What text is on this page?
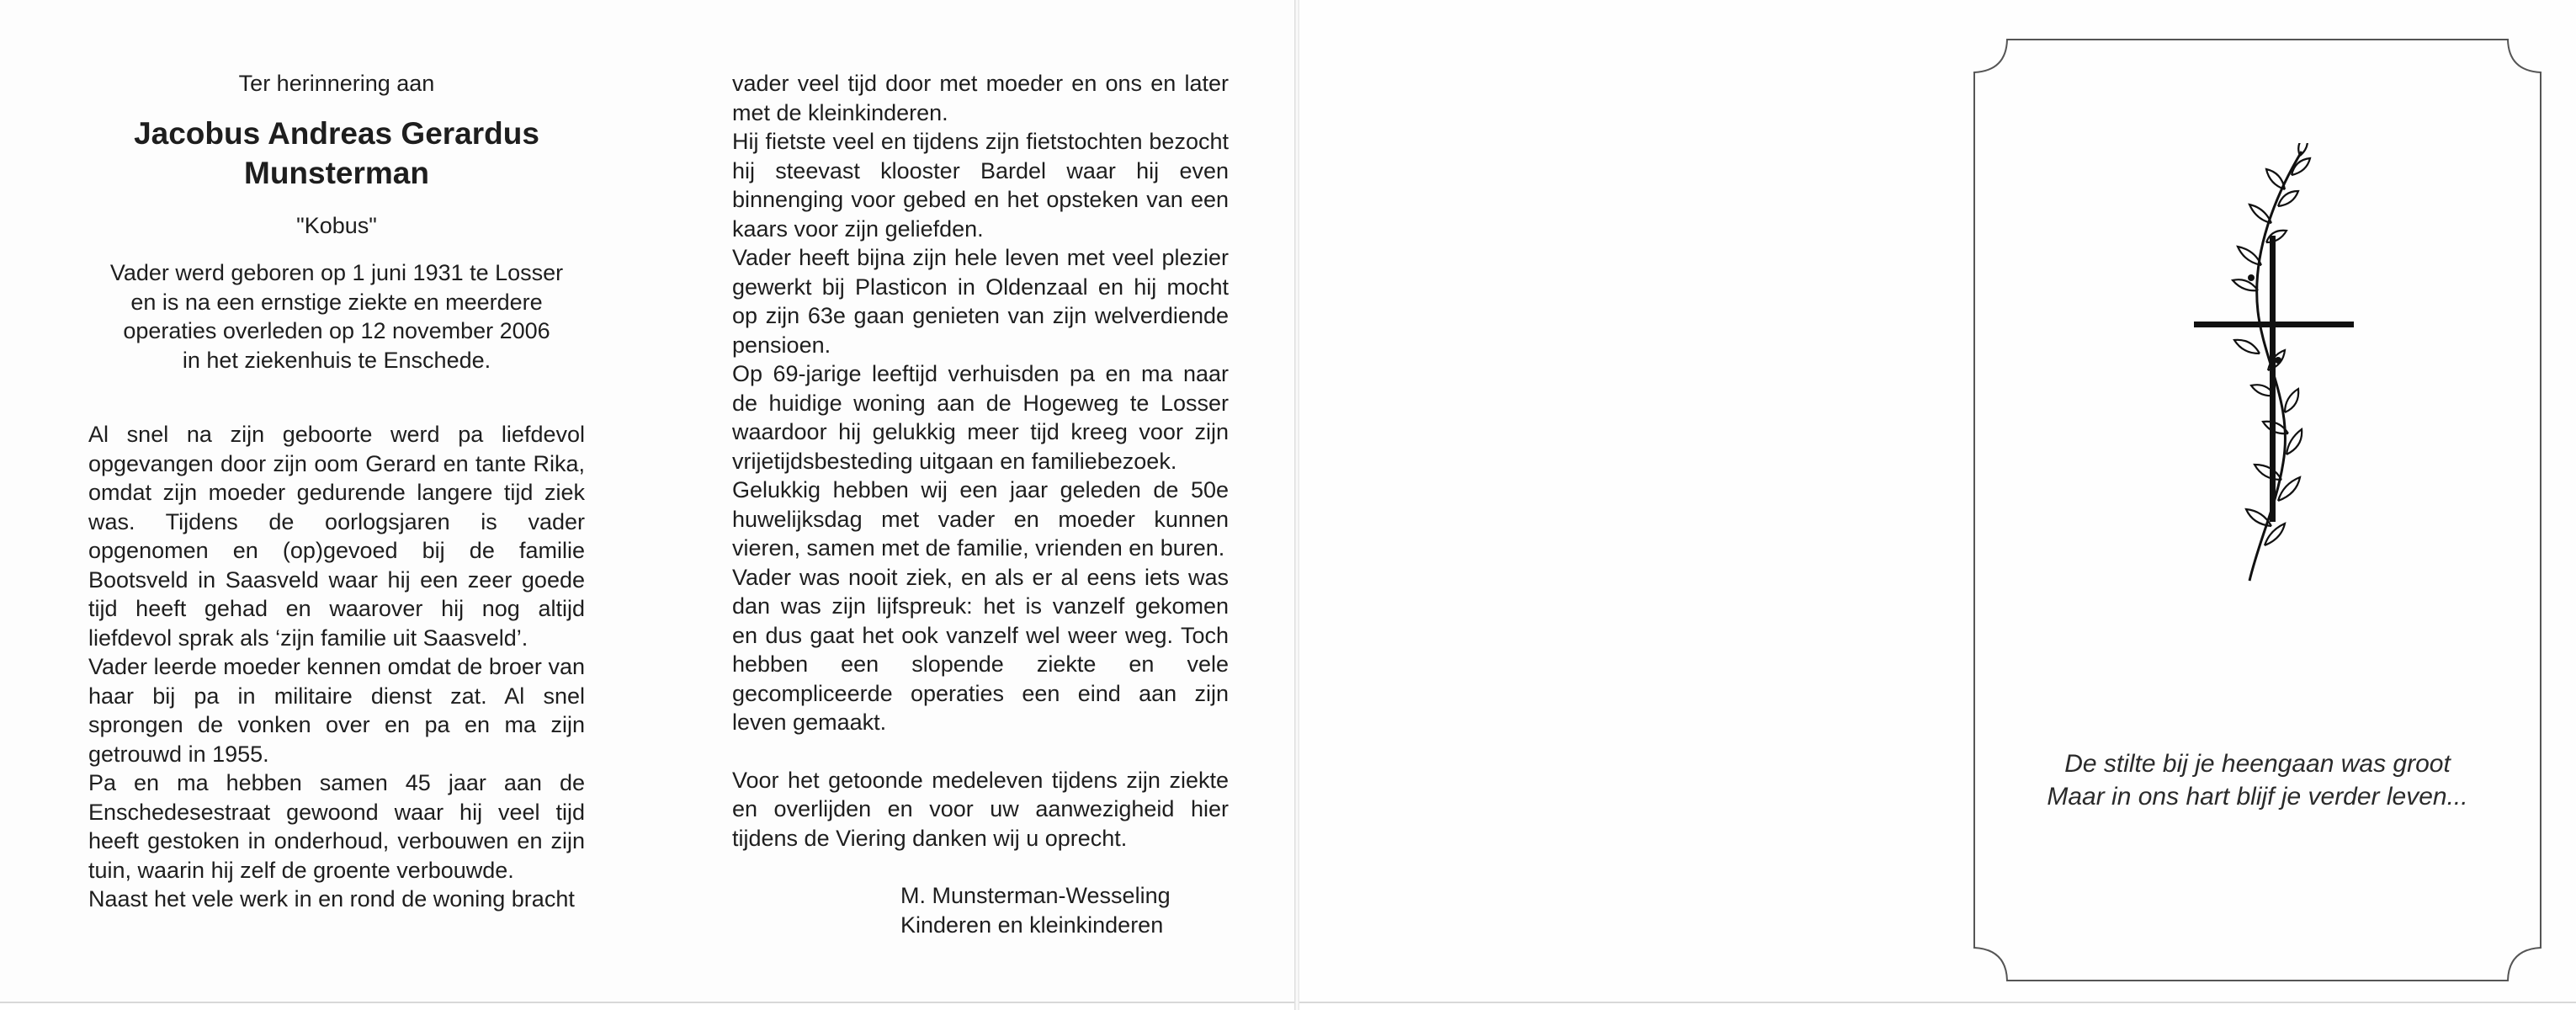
Ter herinnering aan
Jacobus Andreas Gerardus
Munsterman
"Kobus"
Vader werd geboren op 1 juni 1931 te Losser
en is na een ernstige ziekte en meerdere
operaties overleden op 12 november 2006
in het ziekenhuis te Enschede.

Al snel na zijn geboorte werd pa liefdevol opgevangen door zijn oom Gerard en tante Rika, omdat zijn moeder gedurende langere tijd ziek was. Tijdens de oorlogsjaren is vader opgenomen en (op)gevoed bij de familie Bootsveld in Saasveld waar hij een zeer goede tijd heeft gehad en waarover hij nog altijd liefdevol sprak als ‘zijn familie uit Saasveld’.

Vader leerde moeder kennen omdat de broer van haar bij pa in militaire dienst zat. Al snel sprongen de vonken over en pa en ma zijn getrouwd in 1955.

Pa en ma hebben samen 45 jaar aan de Enschedesestraat gewoond waar hij veel tijd heeft gestoken in onderhoud, verbouwen en zijn tuin, waarin hij zelf de groente verbouwde.

Naast het vele werk in en rond de woning bracht

vader veel tijd door met moeder en ons en later met de kleinkinderen.

Hij fietste veel en tijdens zijn fietstochten bezocht hij steevast klooster Bardel waar hij even binnenging voor gebed en het opsteken van een kaars voor zijn geliefden.

Vader heeft bijna zijn hele leven met veel plezier gewerkt bij Plasticon in Oldenzaal en hij mocht op zijn 63e gaan genieten van zijn welverdiende pensioen.

Op 69-jarige leeftijd verhuisden pa en ma naar de huidige woning aan de Hogeweg te Losser waardoor hij gelukkig meer tijd kreeg voor zijn vrijetijdsbesteding uitgaan en familiebezoek.

Gelukkig hebben wij een jaar geleden de 50e huwelijksdag met vader en moeder kunnen vieren, samen met de familie, vrienden en buren.

Vader was nooit ziek, en als er al eens iets was dan was zijn lijfspreuk: het is vanzelf gekomen en dus gaat het ook vanzelf wel weer weg. Toch hebben een slopende ziekte en vele gecompliceerde operaties een eind aan zijn leven gemaakt.

Voor het getoonde medeleven tijdens zijn ziekte en overlijden en voor uw aanwezigheid hier tijdens de Viering danken wij u oprecht.

M. Munsterman-Wesseling
Kinderen en kleinkinderen
De stilte bij je heengaan was groot
Maar in ons hart blijf je verder leven...
